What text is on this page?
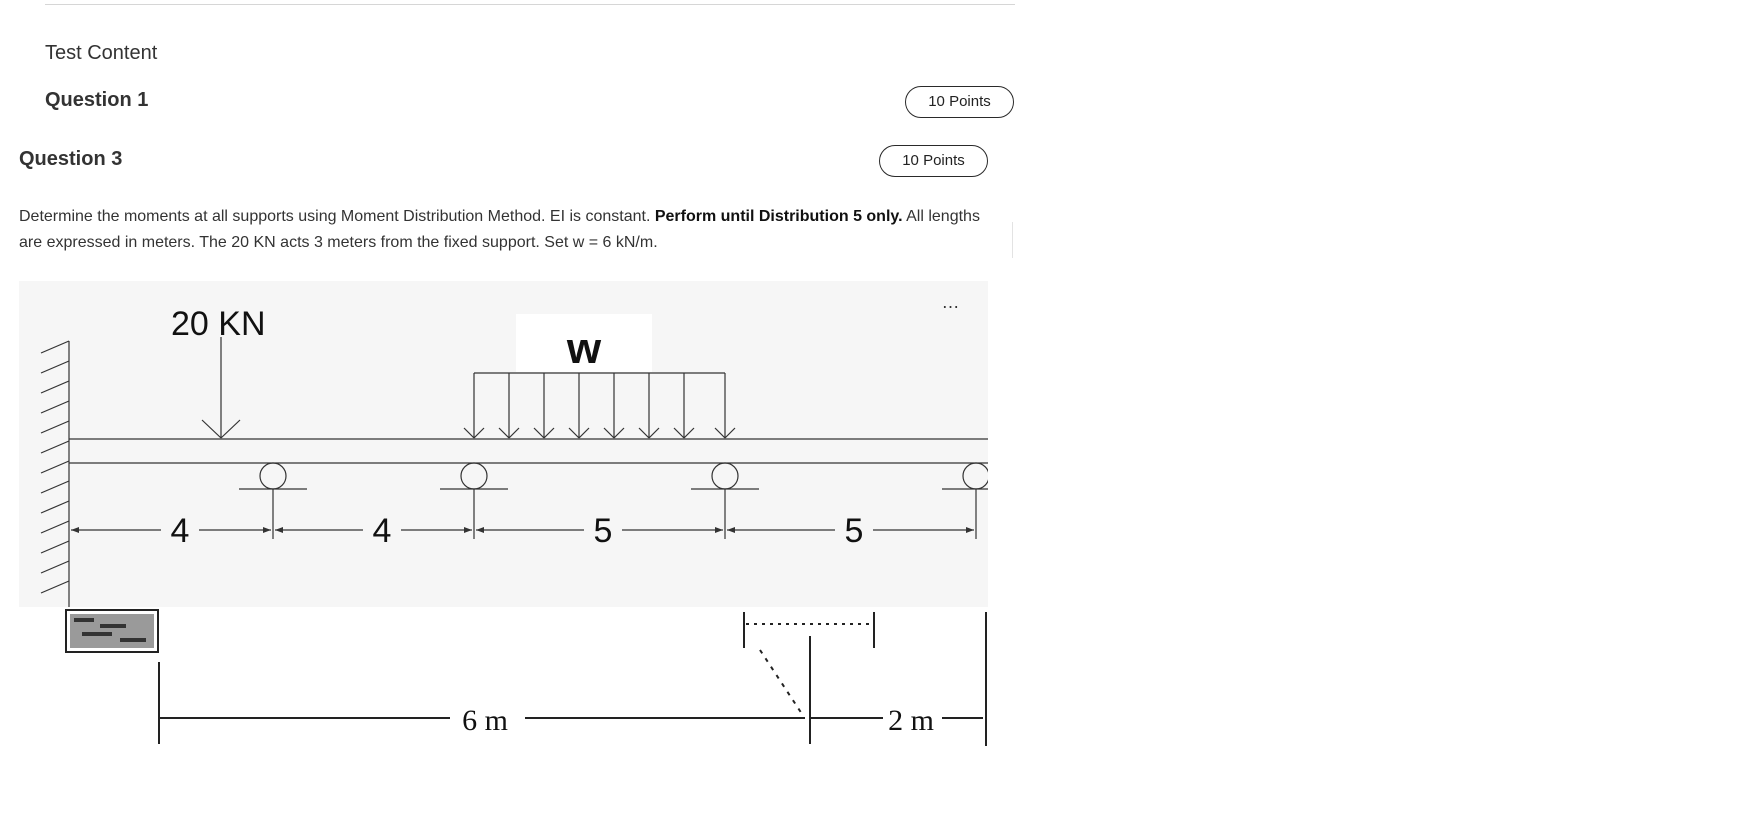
Test Content
Question 1	10 Points
Question 3	10 Points
Determine the moments at all supports using Moment Distribution Method. EI is constant. Perform until Distribution 5 only. All lengths are expressed in meters. The 20 KN acts 3 meters from the fixed support. Set w = 6 kN/m.
20 KN	w
4	4	5	5
…
6 m	2 m
